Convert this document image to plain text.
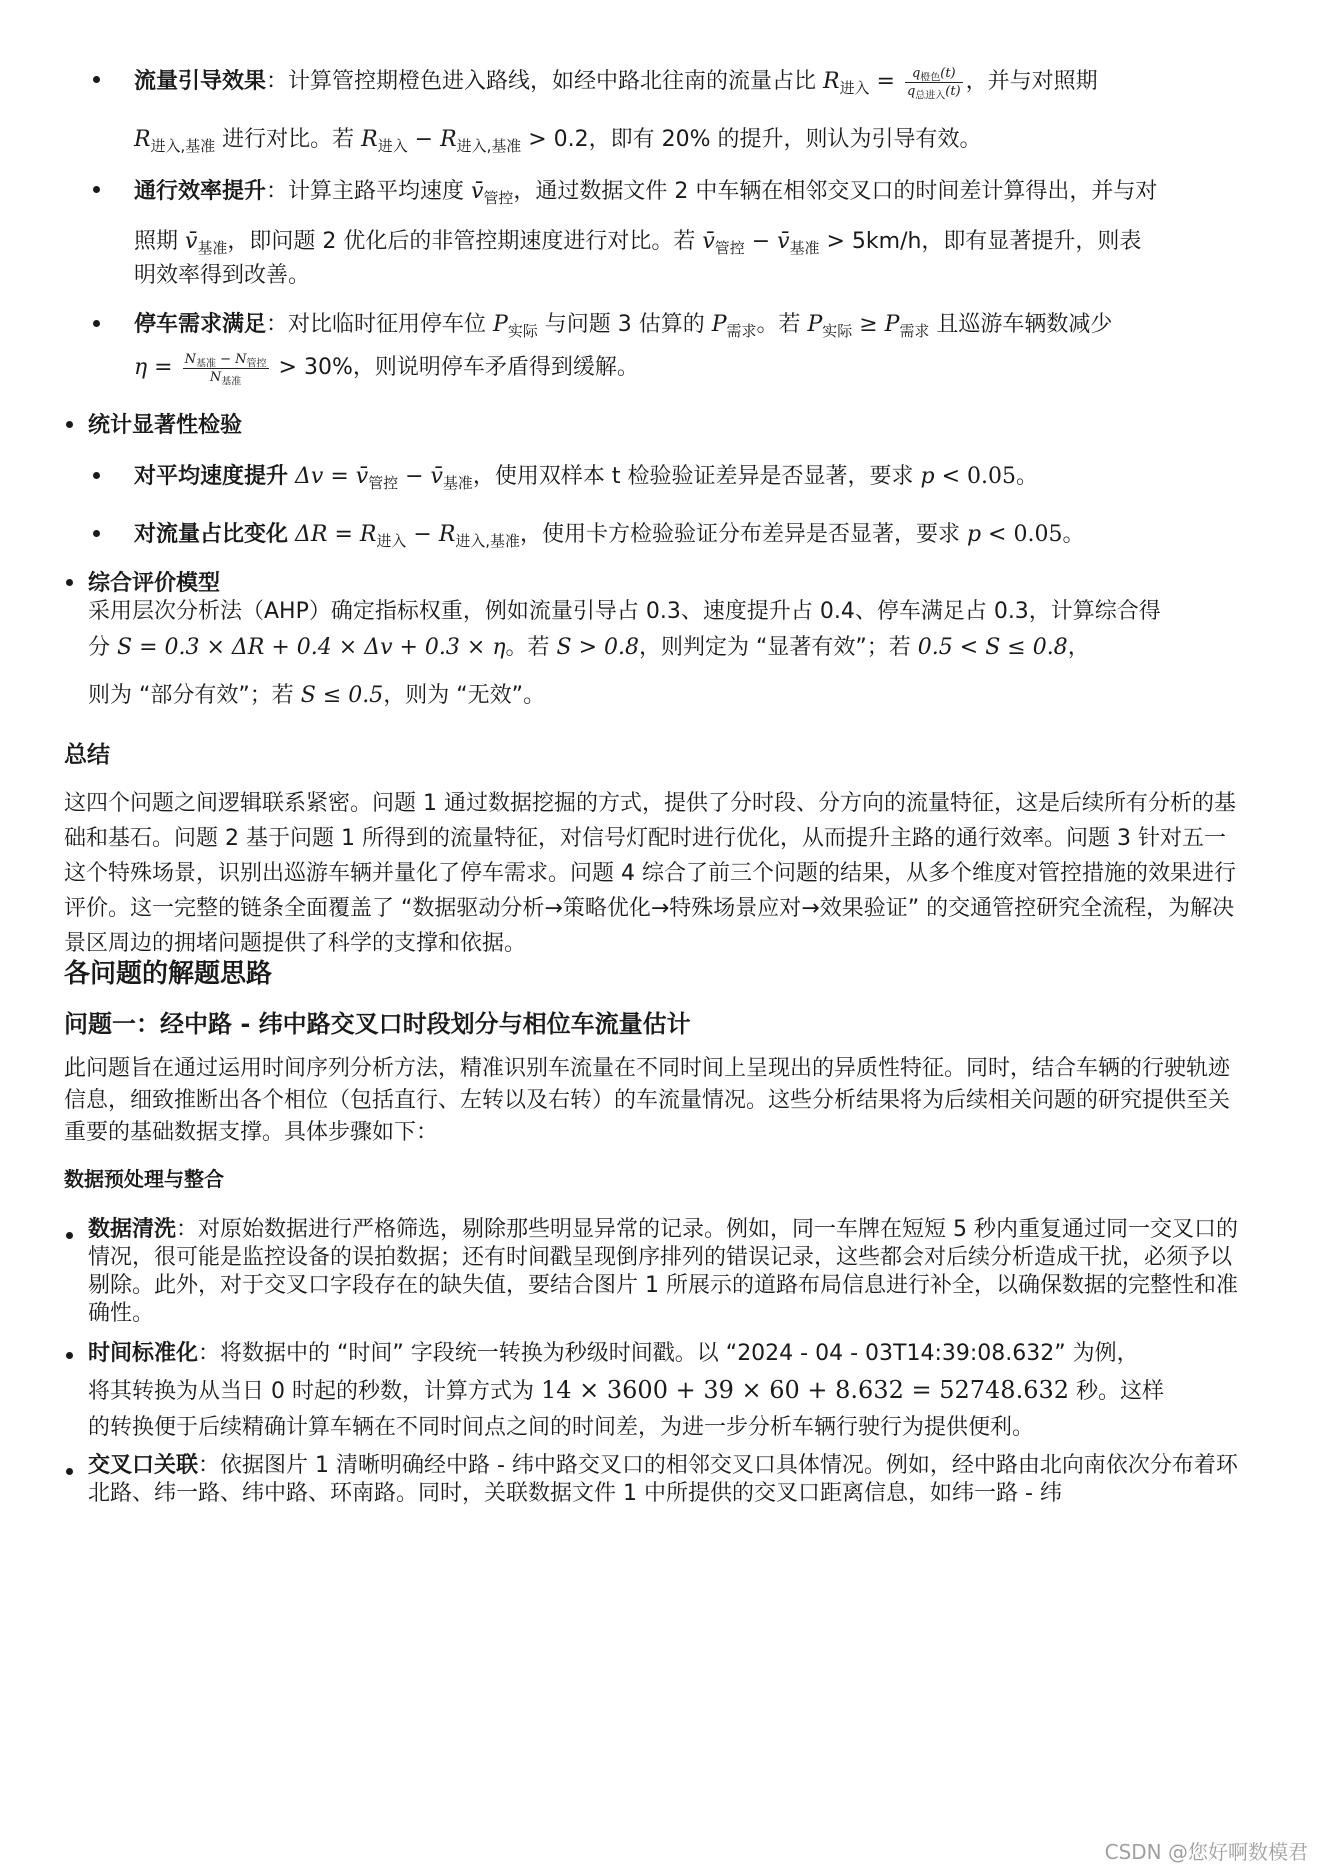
流量引导效果：计算管控期橙色进入路线，如经中路北往南的流量占比 $R_{进入} = \frac{q_{橙色}(t)}{q_{总进入}(t)}$ ，并与对照期
$R_{进入,基准}$ 进行对比。若 $R_{进入} - R_{进入,基准} > 0.2$，即有 20% 的提升，则认为引导有效。
通行效率提升：计算主路平均速度 $v̄_{管控}$，通过数据文件 2 中车辆在相邻交叉口的时间差计算得出，并与对
照期 $v̄_{基准}$，即问题 2 优化后的非管控期速度进行对比。若 $v̄_{管控}$ − $v̄_{基准} > 5km/h$，即有显著提升，则表
明效率得到改善。
停车需求满足：对比临时征用停车位 $P_{实际}$ 与问题 3 估算的 $P_{需求}$。若 $P_{实际} \ge P_{需求}$ 且巡游车辆数减少
$\eta = \frac{N_{基准} - N_{管控}}{N_{基准}} > 30\%$，则说明停车矛盾得到缓解。
统计显著性检验
对平均速度提升 $\Delta v = v̄_{管控}$ − $v̄_{基准}$，使用双样本 t 检验验证差异是否显著，要求 p < 0.05。
对流量占比变化 $\Delta R = R_{进入} - R_{进入,基准}$，使用卡方检验验证分布差异是否显著，要求 p < 0.05。
综合评价模型
采用层次分析法（AHP）确定指标权重，例如流量引导占 0.3、速度提升占 0.4、停车满足占 0.3，计算综合得
分 S = 0.3 × ΔR + 0.4 × Δv + 0.3 × η。若 S > 0.8，则判定为 “显著有效”；若 0.5 < S ≤ 0.8，
则为 “部分有效”；若 S ≤ 0.5，则为 “无效”。
总结
这四个问题之间逻辑联系紧密。问题 1 通过数据挖掘的方式，提供了分时段、分方向的流量特征，这是后续所有分析的基础和基石。问题 2 基于问题 1 所得到的流量特征，对信号灯配时进行优化，从而提升主路的通行效率。问题 3 针对五一这个特殊场景，识别出巡游车辆并量化了停车需求。问题 4 综合了前三个问题的结果，从多个维度对管控措施的效果进行评价。这一完整的链条全面覆盖了 “数据驱动分析→策略优化→特殊场景应对→效果验证” 的交通管控研究全流程，为解决景区周边的拥堵问题提供了科学的支撑和依据。
各问题的解题思路
问题一：经中路 - 纬中路交叉口时段划分与相位车流量估计
此问题旨在通过运用时间序列分析方法，精准识别车流量在不同时间上呈现出的异质性特征。同时，结合车辆的行驶轨迹信息，细致推断出各个相位（包括直行、左转以及右转）的车流量情况。这些分析结果将为后续相关问题的研究提供至关重要的基础数据支撑。具体步骤如下：
数据预处理与整合
数据清洗：对原始数据进行严格筛选，剔除那些明显异常的记录。例如，同一车牌在短短 5 秒内重复通过同一交叉口的情况，很可能是监控设备的误拍数据；还有时间戳呈现倒序排列的错误记录，这些都会对后续分析造成干扰，必须予以剔除。此外，对于交叉口字段存在的缺失值，要结合图片 1 所展示的道路布局信息进行补全，以确保数据的完整性和准确性。
时间标准化：将数据中的 “时间” 字段统一转换为秒级时间戳。以 “2024 - 04 - 03T14:39:08.632” 为例，
将其转换为从当日 0 时起的秒数，计算方式为 14 × 3600 + 39 × 60 + 8.632 = 52748.632 秒。这样
的转换便于后续精确计算车辆在不同时间点之间的时间差，为进一步分析车辆行驶行为提供便利。
交叉口关联：依据图片 1 清晰明确经中路 - 纬中路交叉口的相邻交叉口具体情况。例如，经中路由北向南依次分布着环北路、纬一路、纬中路、环南路。同时，关联数据文件 1 中所提供的交叉口距离信息，如纬一路 - 纬
CSDN @您好啊数模君
